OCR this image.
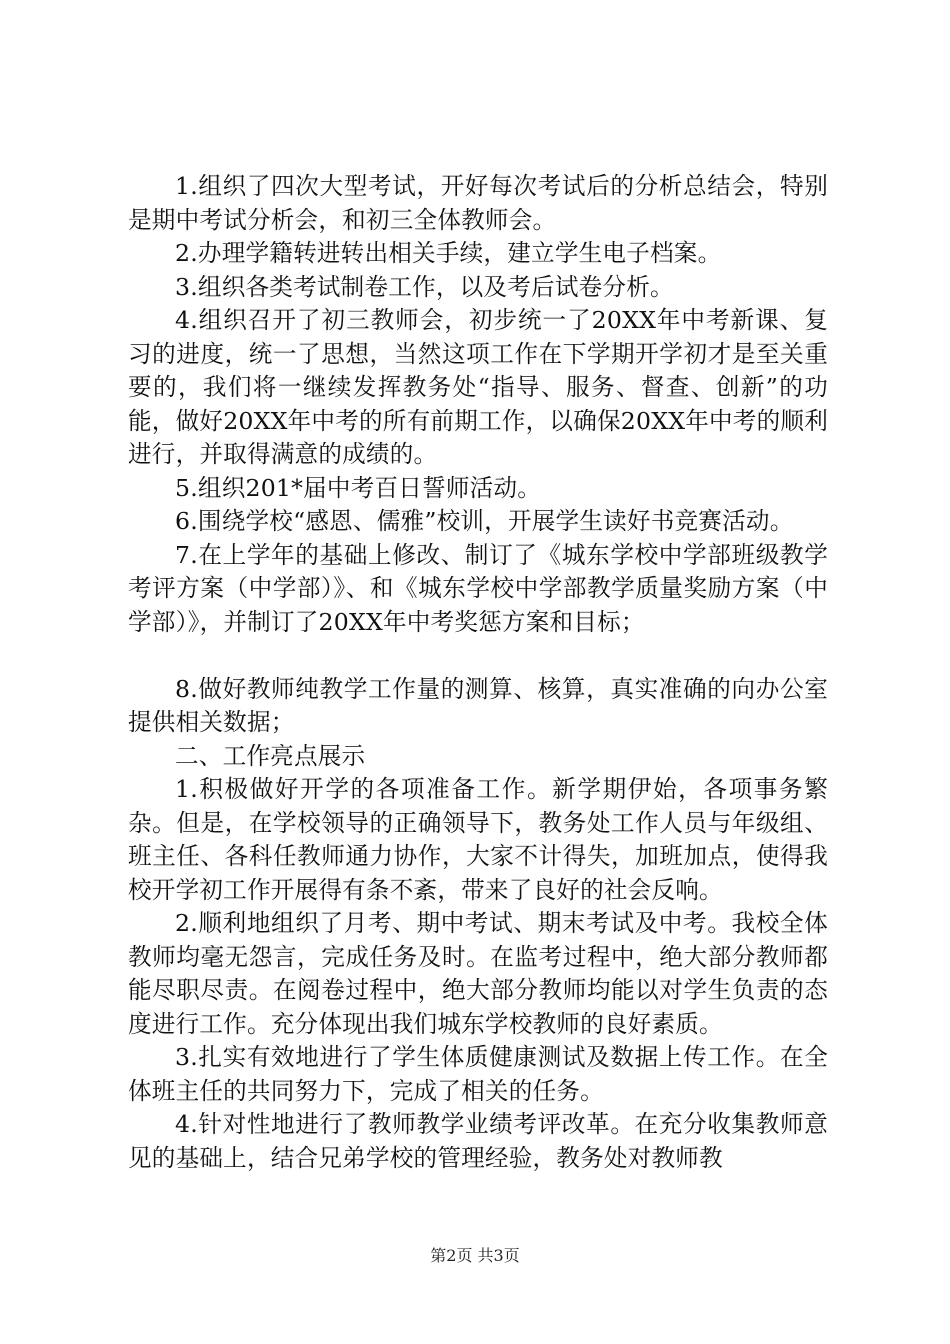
1.组织了四次大型考试，开好每次考试后的分析总结会，特别是期中考试分析会，和初三全体教师会。

2.办理学籍转进转出相关手续，建立学生电子档案。

3.组织各类考试制卷工作，以及考后试卷分析。

4.组织召开了初三教师会，初步统一了20XX年中考新课、复习的进度，统一了思想，当然这项工作在下学期开学初才是至关重要的，我们将一继续发挥教务处“指导、服务、督查、创新”的功能，做好20XX年中考的所有前期工作，以确保20XX年中考的顺利进行，并取得满意的成绩的。

5.组织201*届中考百日誓师活动。

6.围绕学校“感恩、儒雅”校训，开展学生读好书竞赛活动。

7.在上学年的基础上修改、制订了《城东学校中学部班级教学考评方案（中学部）》、和《城东学校中学部教学质量奖励方案（中学部）》，并制订了20XX年中考奖惩方案和目标；

8.做好教师纯教学工作量的测算、核算，真实准确的向办公室提供相关数据；

二、工作亮点展示

1.积极做好开学的各项准备工作。新学期伊始，各项事务繁杂。但是，在学校领导的正确领导下，教务处工作人员与年级组、班主任、各科任教师通力协作，大家不计得失，加班加点，使得我校开学初工作开展得有条不紊，带来了良好的社会反响。

2.顺利地组织了月考、期中考试、期末考试及中考。我校全体教师均毫无怨言，完成任务及时。在监考过程中，绝大部分教师都能尽职尽责。在阅卷过程中，绝大部分教师均能以对学生负责的态度进行工作。充分体现出我们城东学校教师的良好素质。

3.扎实有效地进行了学生体质健康测试及数据上传工作。在全体班主任的共同努力下，完成了相关的任务。

4.针对性地进行了教师教学业绩考评改革。在充分收集教师意见的基础上，结合兄弟学校的管理经验，教务处对教师教

第2页 共3页
